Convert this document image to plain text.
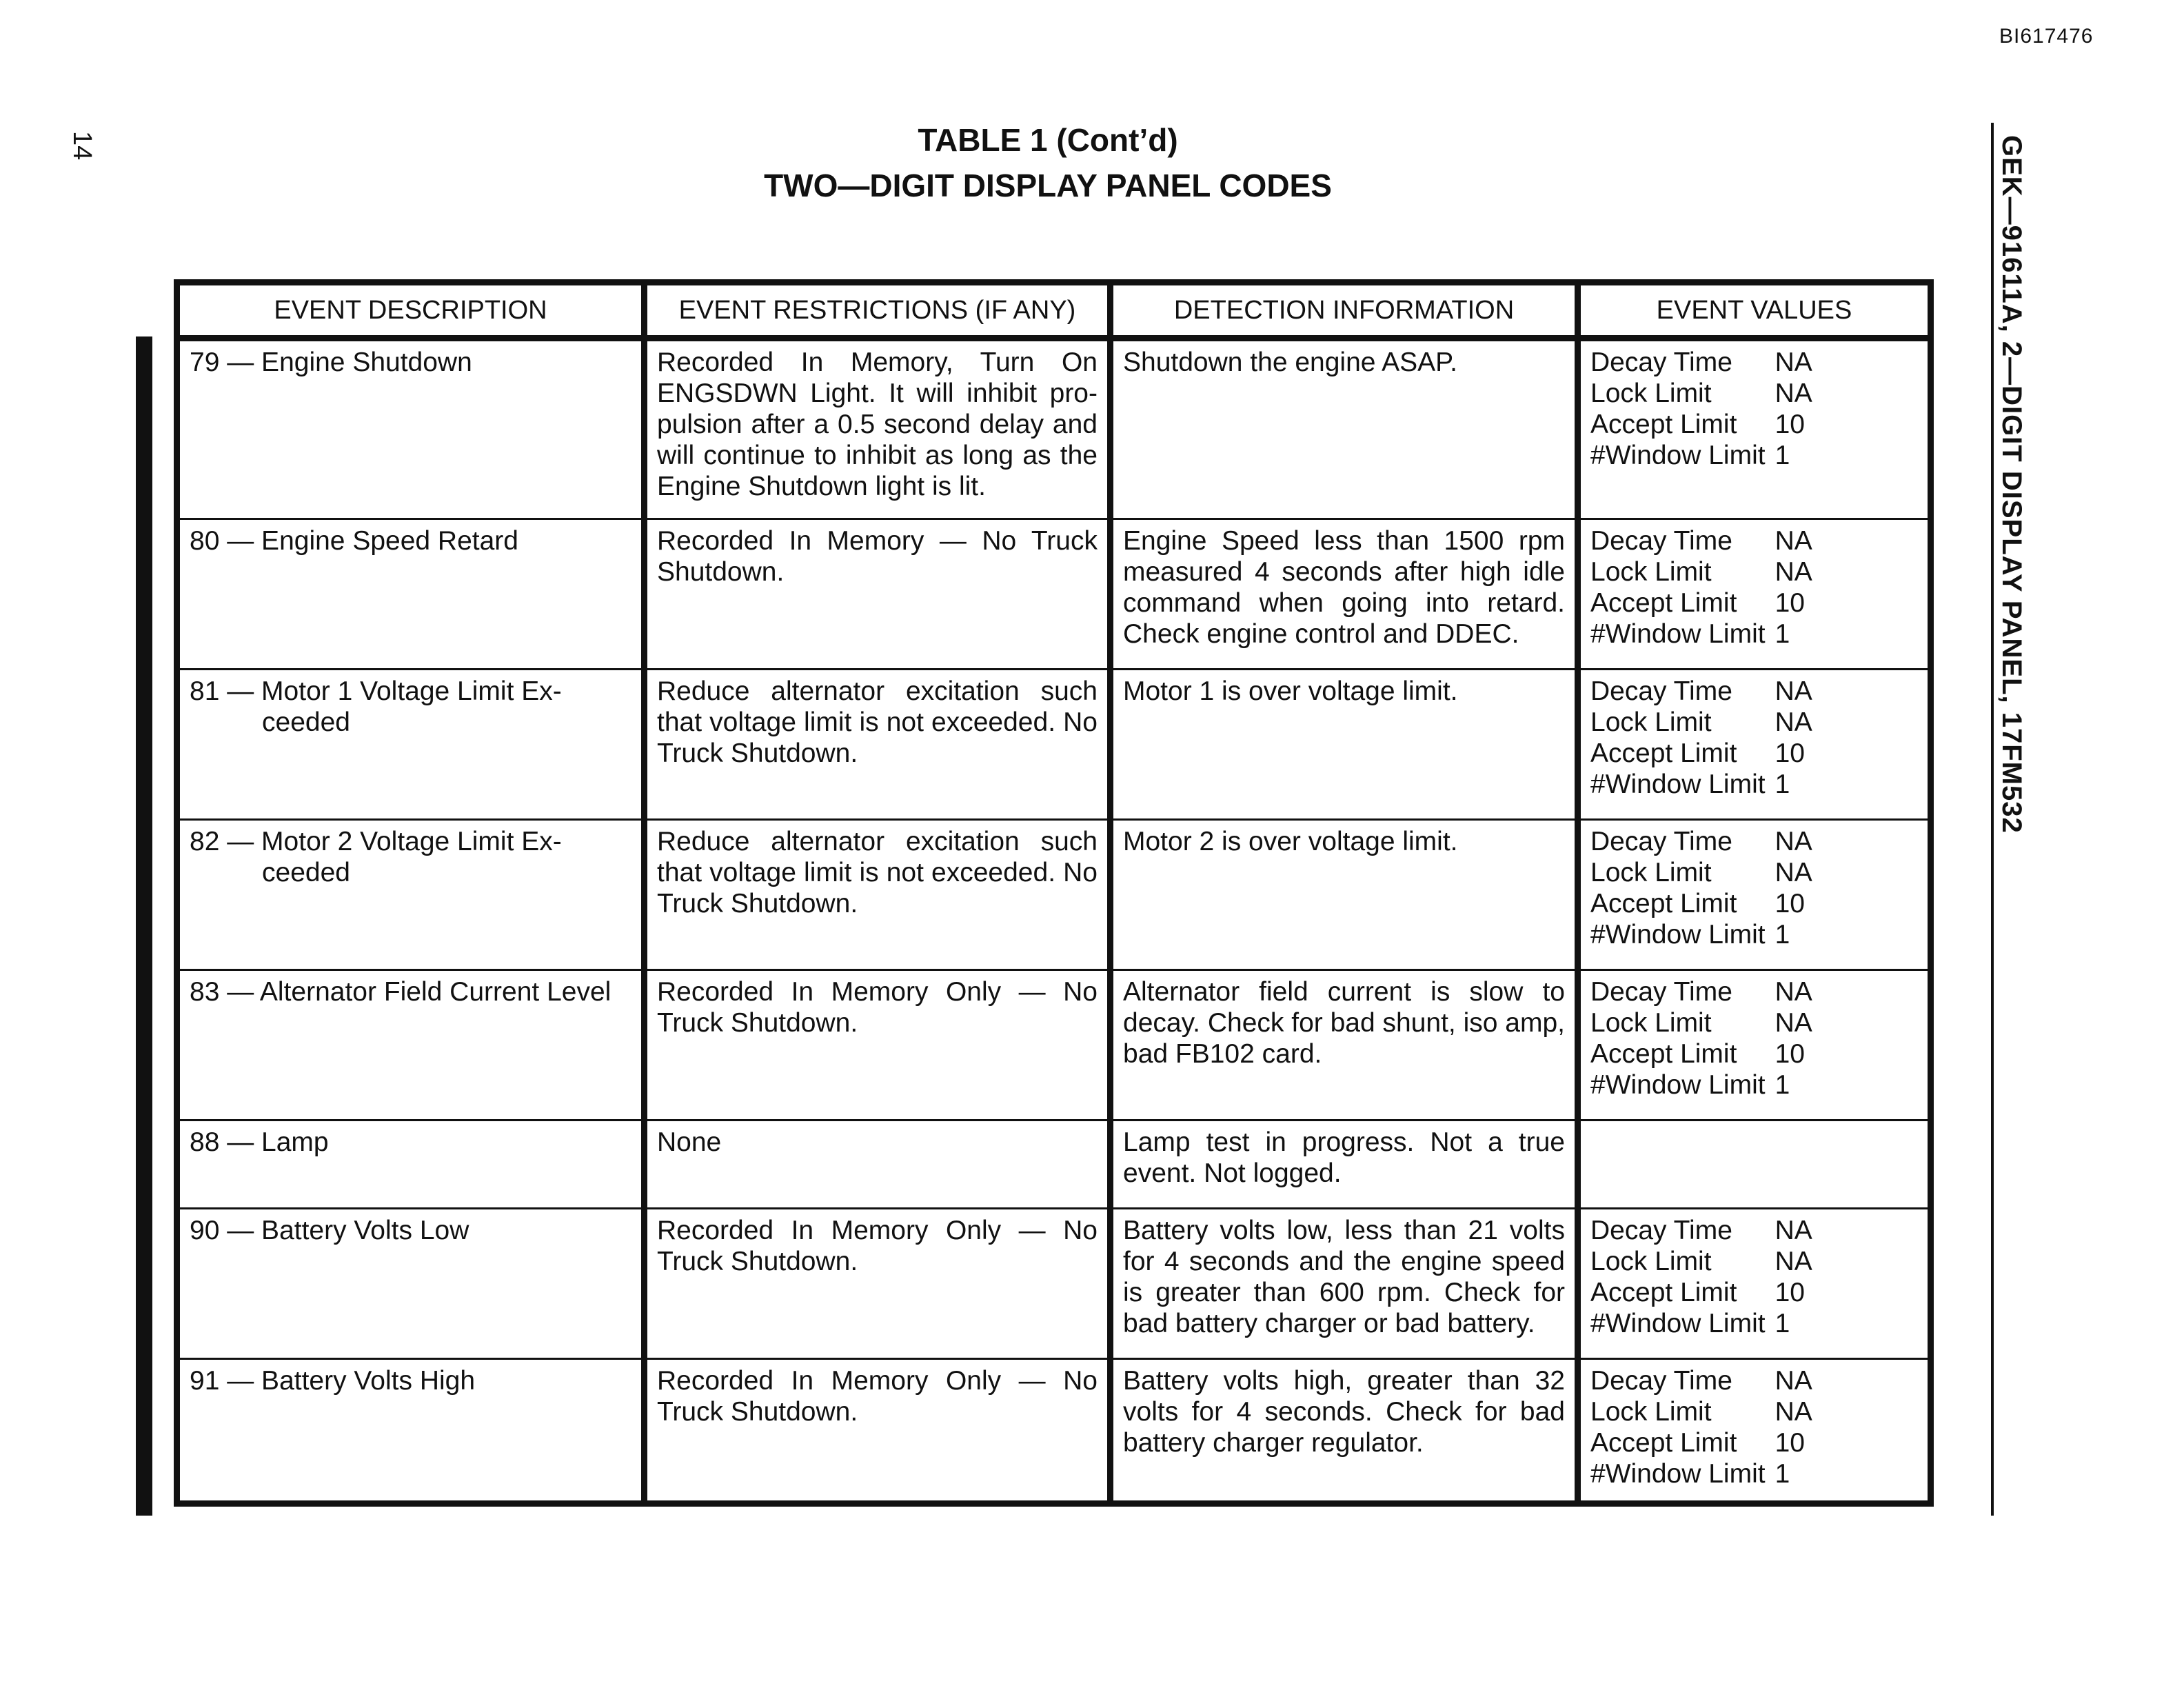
BI617476
14	TABLE 1 (Cont’d)
TWO—DIGIT DISPLAY PANEL CODES	GEK—91611A, 2—DIGIT DISPLAY PANEL, 17FM532
EVENT DESCRIPTION	EVENT RESTRICTIONS (IF ANY)	DETECTION INFORMATION	EVENT VALUES

79 — Engine Shutdown	Recorded In Memory, Turn On ENGSDWN Light. It will inhibit pro-pulsion after a 0.5 second delay and will continue to inhibit as long as the Engine Shutdown light is lit.	Shutdown the engine ASAP.	Decay Time	NA
Lock Limit	NA
Accept Limit	10
#Window Limit	1

80 — Engine Speed Retard	Recorded In Memory — No Truck Shutdown.	Engine Speed less than 1500 rpm measured 4 seconds after high idle command when going into retard. Check engine control and DDEC.	Decay Time	NA
Lock Limit	NA
Accept Limit	10
#Window Limit	1

81 — Motor 1 Voltage Limit Ex-ceeded	Reduce alternator excitation such that voltage limit is not exceeded. No Truck Shutdown.	Motor 1 is over voltage limit.	Decay Time	NA
Lock Limit	NA
Accept Limit	10
#Window Limit	1

82 — Motor 2 Voltage Limit Ex-ceeded	Reduce alternator excitation such that voltage limit is not exceeded. No Truck Shutdown.	Motor 2 is over voltage limit.	Decay Time	NA
Lock Limit	NA
Accept Limit	10
#Window Limit	1

83 — Alternator Field Current Level	Recorded In Memory Only — No Truck Shutdown.	Alternator field current is slow to decay. Check for bad shunt, iso amp, bad FB102 card.	Decay Time	NA
Lock Limit	NA
Accept Limit	10
#Window Limit	1

88 — Lamp	None	Lamp test in progress. Not a true event. Not logged.	

90 — Battery Volts Low	Recorded In Memory Only — No Truck Shutdown.	Battery volts low, less than 21 volts for 4 seconds and the engine speed is greater than 600 rpm. Check for bad battery charger or bad battery.	Decay Time	NA
Lock Limit	NA
Accept Limit	10
#Window Limit	1

91 — Battery Volts High	Recorded In Memory Only — No Truck Shutdown.	Battery volts high, greater than 32 volts for 4 seconds. Check for bad battery charger regulator.	Decay Time	NA
Lock Limit	NA
Accept Limit	10
#Window Limit	1
